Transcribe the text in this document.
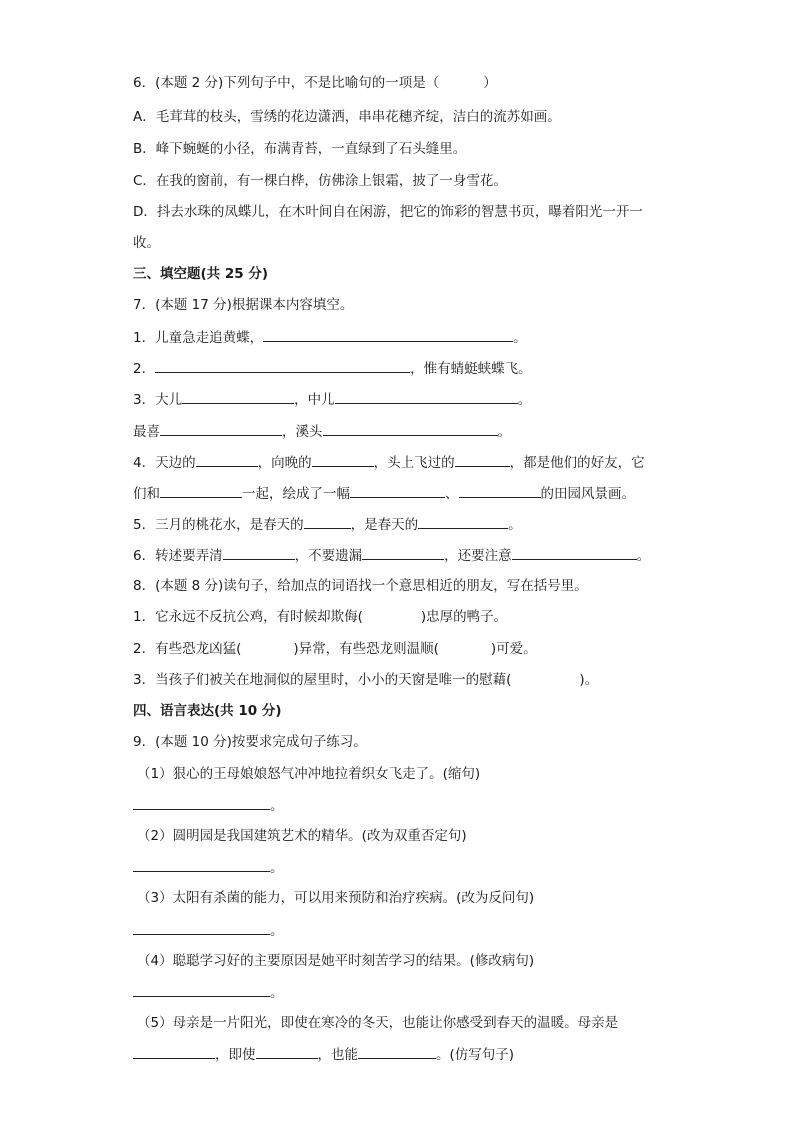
6．(本题 2 分)下列句子中，不是比喻句的一项是（	）
A．毛茸茸的枝头，雪绣的花边潇洒，串串花穗齐绽，洁白的流苏如画。
B．峰下蜿蜒的小径，布满青苔，一直绿到了石头缝里。
C．在我的窗前，有一棵白桦，仿佛涂上银霜，披了一身雪花。
D．抖去水珠的凤蝶儿，在木叶间自在闲游，把它的饰彩的智慧书页，曝着阳光一开一
收。
三、填空题(共 25 分)
7．(本题 17 分)根据课本内容填空。
1．儿童急走追黄蝶，	。
2．	，惟有蜻蜓蛱蝶飞。
3．大儿	，中儿	。
最喜	，溪头	。
4．天边的	，向晚的	，头上飞过的	，都是他们的好友，它
们和	一起，绘成了一幅	、	的田园风景画。
5．三月的桃花水，是春天的	，是春天的	。
6．转述要弄清	，不要遗漏	，还要注意	。
8．(本题 8 分)读句子，给加点的词语找一个意思相近的朋友，写在括号里。
1．它永远不反抗公鸡，有时候却欺侮(	)忠厚的鸭子。
2．有些恐龙凶猛(	)异常，有些恐龙则温顺(	)可爱。
3．当孩子们被关在地洞似的屋里时，小小的天窗是唯一的慰藉(	)。
四、语言表达(共 10 分)
9．(本题 10 分)按要求完成句子练习。
（1）狠心的王母娘娘怒气冲冲地拉着织女飞走了。(缩句)
。
（2）圆明园是我国建筑艺术的精华。(改为双重否定句)
。
（3）太阳有杀菌的能力，可以用来预防和治疗疾病。(改为反问句)
。
（4）聪聪学习好的主要原因是她平时刻苦学习的结果。(修改病句)
。
（5）母亲是一片阳光，即使在寒冷的冬天，也能让你感受到春天的温暖。母亲是
，即使	，也能	。(仿写句子)
